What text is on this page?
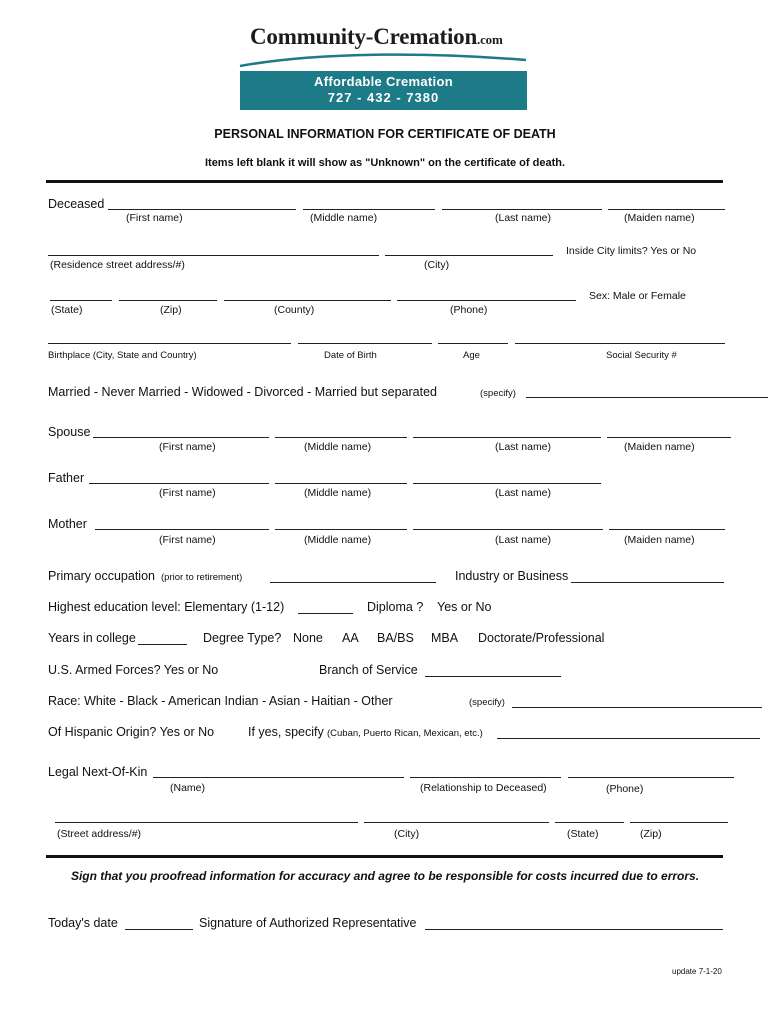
Community-Cremation.com
Affordable Cremation
727 - 432 - 7380
PERSONAL INFORMATION FOR CERTIFICATE OF DEATH
Items left blank it will show as "Unknown" on the certificate of death.
Deceased
(First name)	(Middle name)	(Last name)	(Maiden name)
Inside City limits? Yes or No
(Residence street address/#)	(City)
Sex: Male or Female
(State)	(Zip)	(County)	(Phone)
Birthplace (City, State and Country)	Date of Birth	Age	Social Security #
Married - Never Married - Widowed - Divorced - Married but separated	(specify)
Spouse
(First name)	(Middle name)	(Last name)	(Maiden name)
Father
(First name)	(Middle name)	(Last name)
Mother
(First name)	(Middle name)	(Last name)	(Maiden name)
Primary occupation (prior to retirement)	Industry or Business
Highest education level: Elementary (1-12)	Diploma ? Yes or No
Years in college	Degree Type? None AA BA/BS MBA Doctorate/Professional
U.S. Armed Forces? Yes or No	Branch of Service
Race: White - Black - American Indian - Asian - Haitian - Other	(specify)
Of Hispanic Origin? Yes or No	If yes, specify (Cuban, Puerto Rican, Mexican, etc.)
Legal Next-Of-Kin
(Name)	(Relationship to Deceased)	(Phone)
(Street address/#)	(City)	(State)	(Zip)
Sign that you proofread information for accuracy and agree to be responsible for costs incurred due to errors.
Today's date	Signature of Authorized Representative
update 7-1-20
